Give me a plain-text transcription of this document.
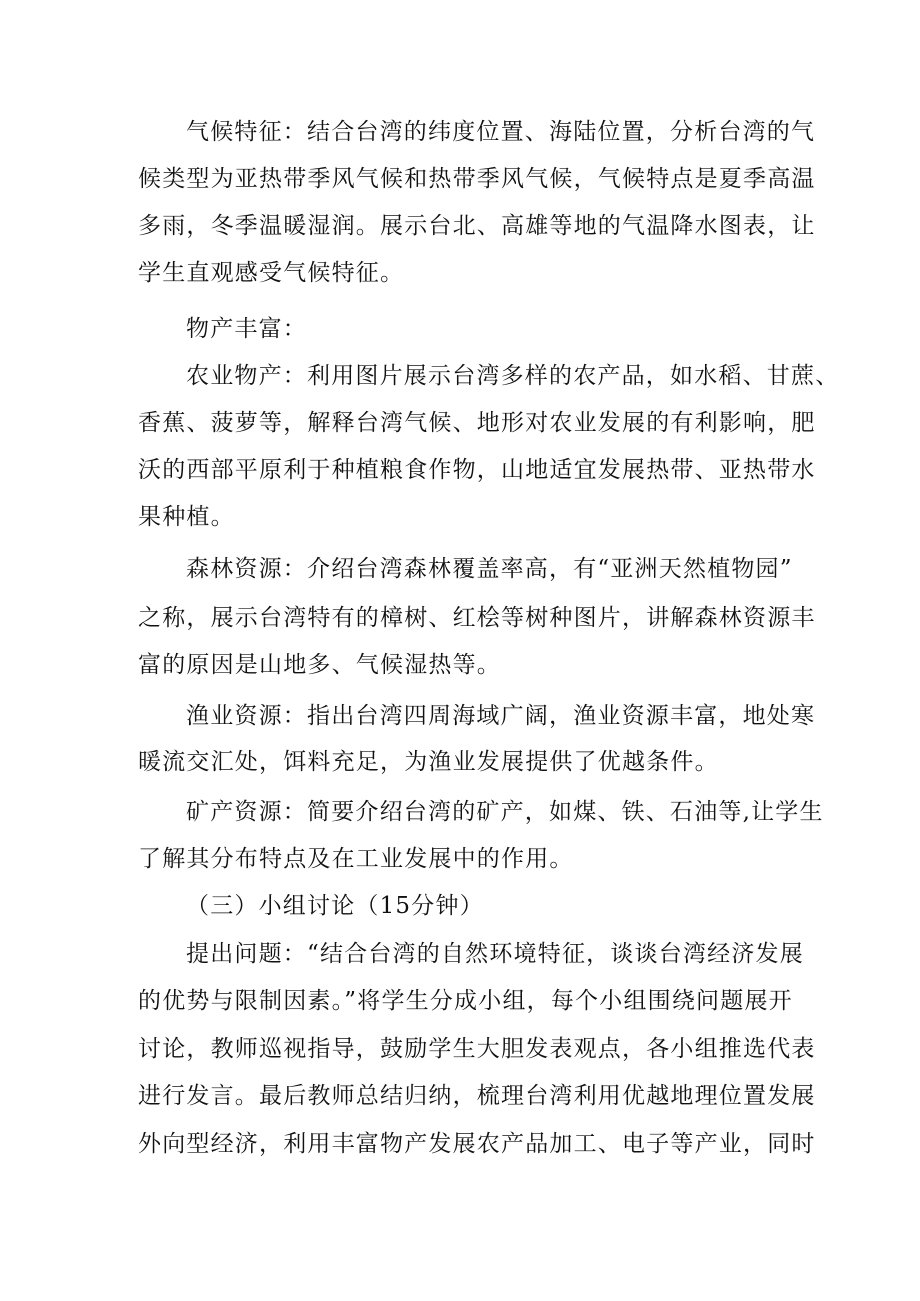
气候特征：结合台湾的纬度位置、海陆位置，分析台湾的气
候类型为亚热带季风气候和热带季风气候，气候特点是夏季高温
多雨，冬季温暖湿润。展示台北、高雄等地的气温降水图表，让
学生直观感受气候特征。
物产丰富：
农业物产：利用图片展示台湾多样的农产品，如水稻、甘蔗、
香蕉、菠萝等，解释台湾气候、地形对农业发展的有利影响，肥
沃的西部平原利于种植粮食作物，山地适宜发展热带、亚热带水
果种植。
森林资源：介绍台湾森林覆盖率高，有“亚洲天然植物园”
之称，展示台湾特有的樟树、红桧等树种图片，讲解森林资源丰
富的原因是山地多、气候湿热等。
渔业资源：指出台湾四周海域广阔，渔业资源丰富，地处寒
暖流交汇处，饵料充足，为渔业发展提供了优越条件。
矿产资源：简要介绍台湾的矿产，如煤、铁、石油等,让学生
了解其分布特点及在工业发展中的作用。
（三）小组讨论（15分钟）
提出问题：“结合台湾的自然环境特征，谈谈台湾经济发展
的优势与限制因素。”将学生分成小组，每个小组围绕问题展开
讨论，教师巡视指导，鼓励学生大胆发表观点，各小组推选代表
进行发言。最后教师总结归纳，梳理台湾利用优越地理位置发展
外向型经济，利用丰富物产发展农产品加工、电子等产业，同时
